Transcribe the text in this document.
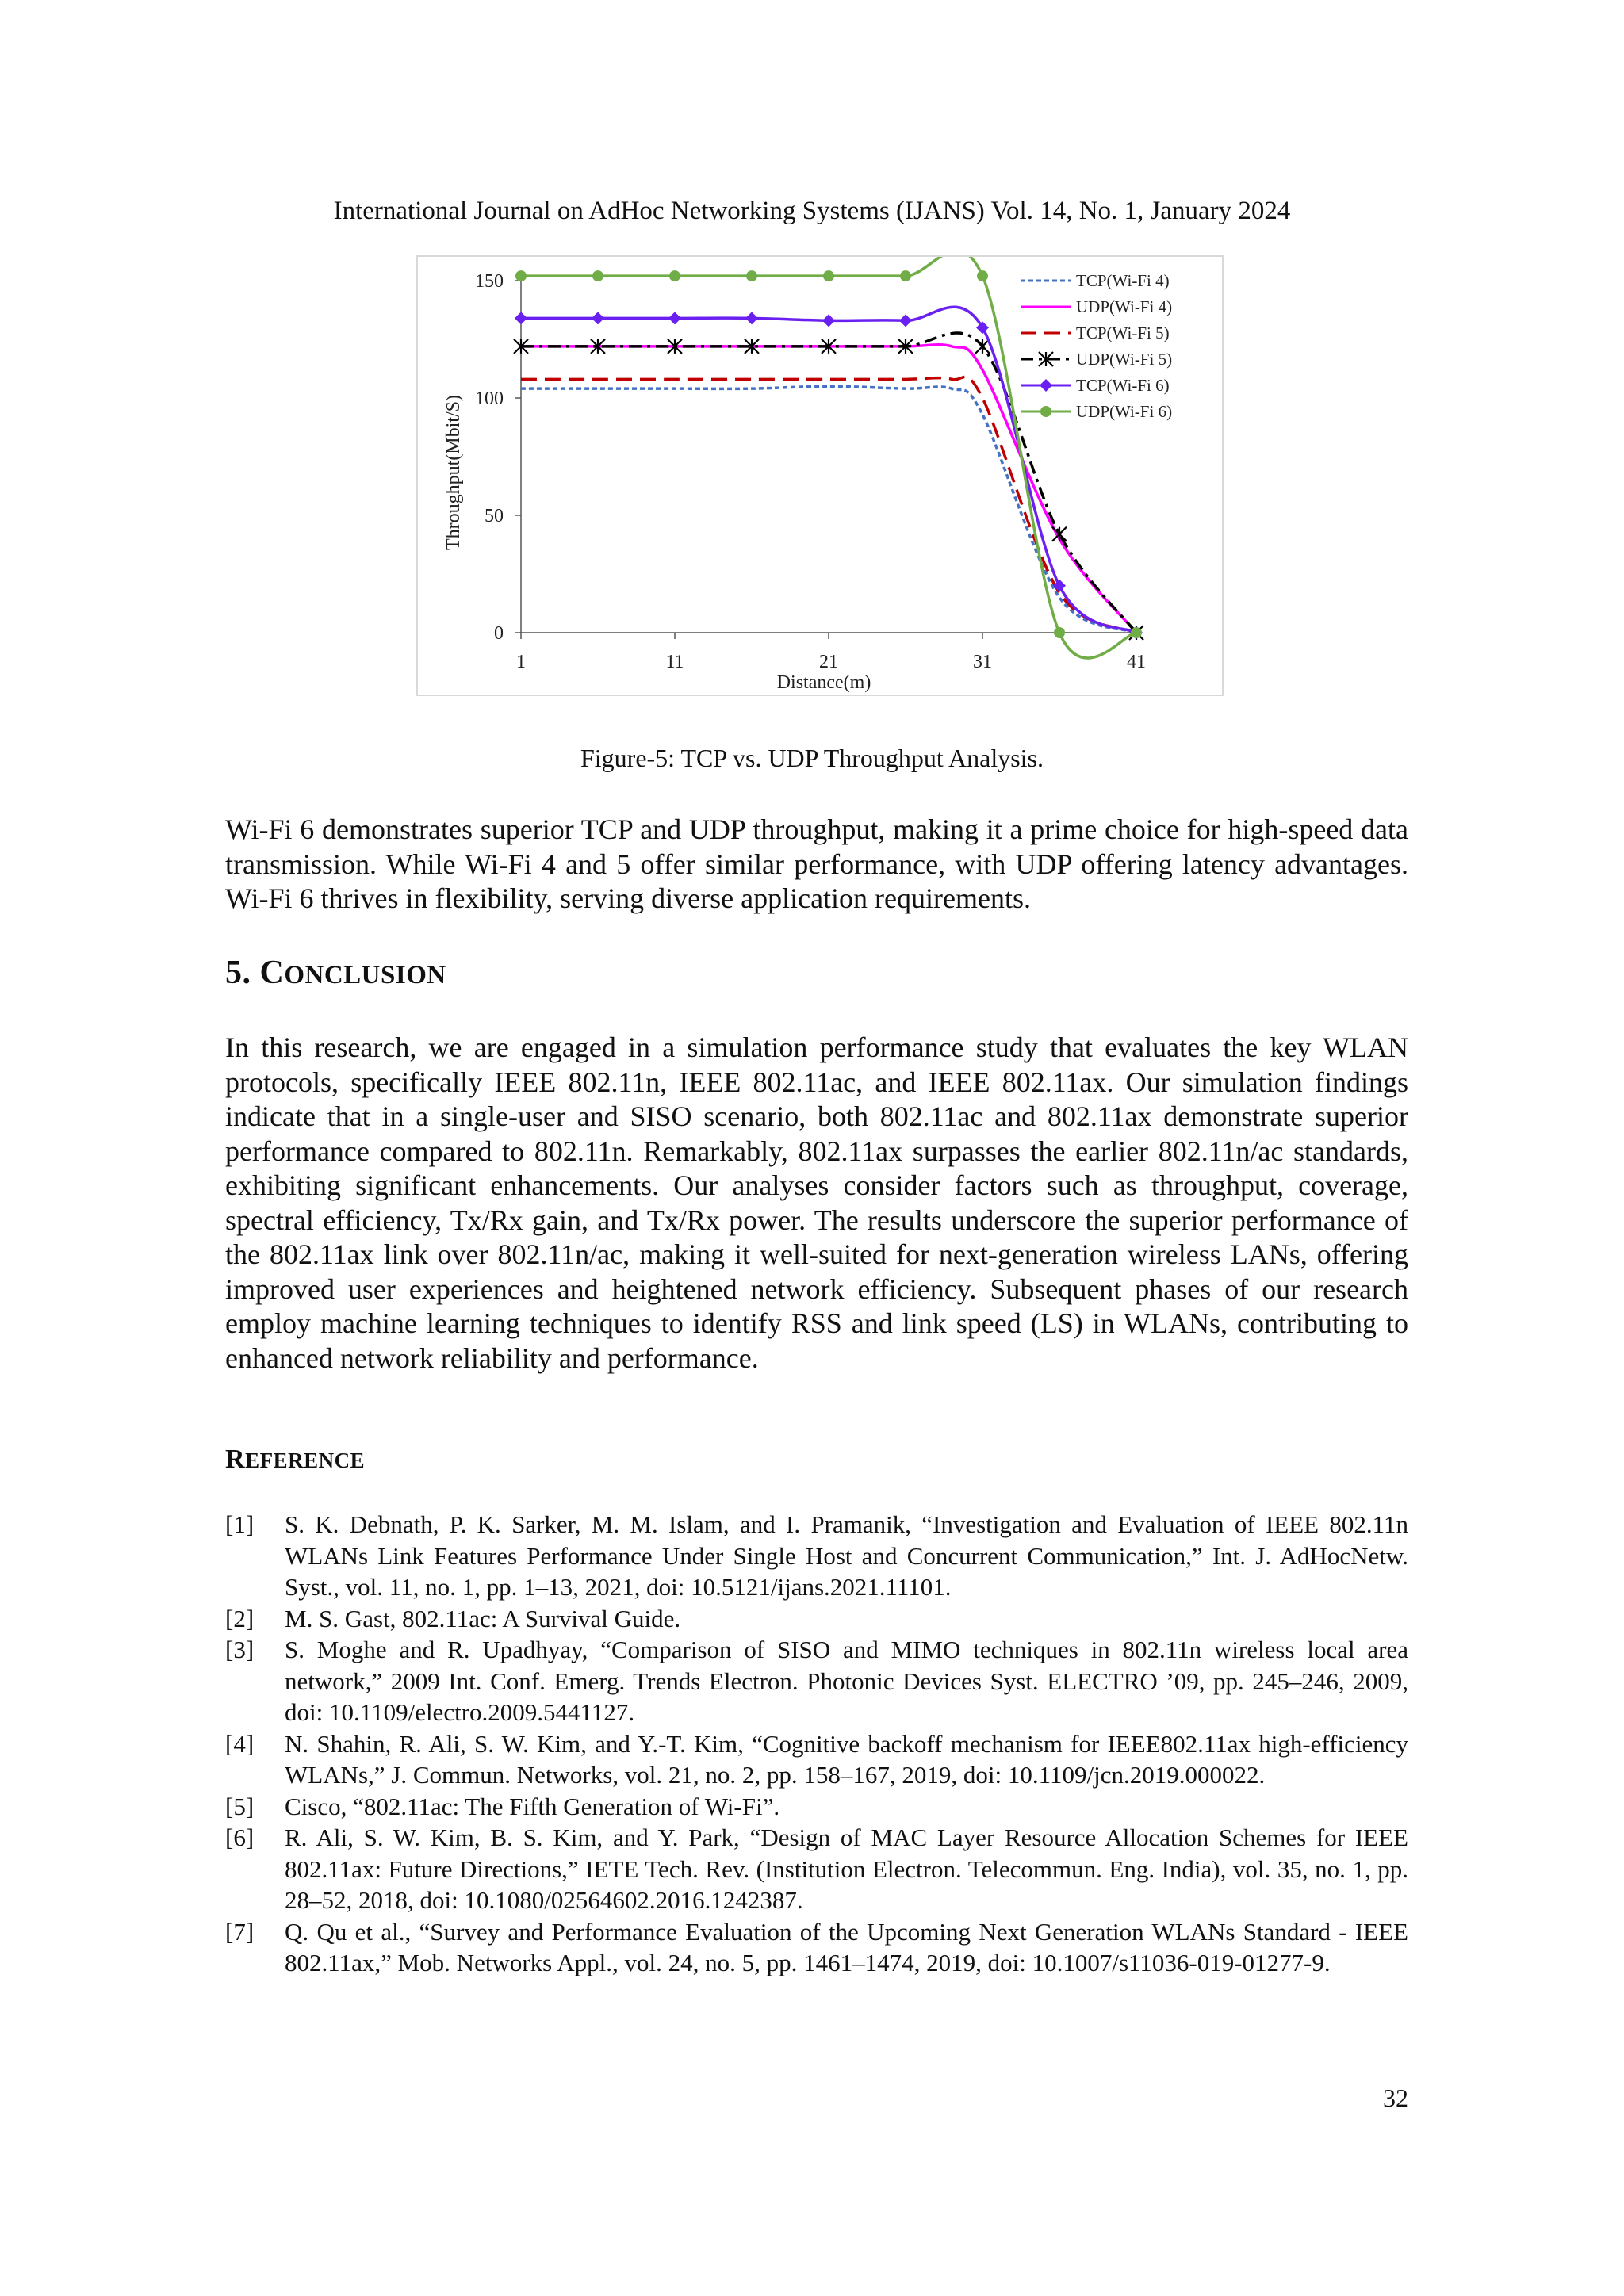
International Journal on AdHoc Networking Systems (IJANS) Vol. 14, No. 1, January 2024
0
50
100
150
1	11	21	31	41
Distance(m)
Throughput(Mbit/S)
TCP(Wi-Fi 4)
UDP(Wi-Fi 4)
TCP(Wi-Fi 5)
UDP(Wi-Fi 5)
TCP(Wi-Fi 6)
UDP(Wi-Fi 6)
Figure-5: TCP vs. UDP Throughput Analysis.

Wi-Fi 6 demonstrates superior TCP and UDP throughput, making it a prime choice for high-speed data transmission. While Wi-Fi 4 and 5 offer similar performance, with UDP offering latency advantages. Wi-Fi 6 thrives in flexibility, serving diverse application requirements.

5. CONCLUSION

In this research, we are engaged in a simulation performance study that evaluates the key WLAN protocols, specifically IEEE 802.11n, IEEE 802.11ac, and IEEE 802.11ax. Our simulation findings indicate that in a single-user and SISO scenario, both 802.11ac and 802.11ax demonstrate superior performance compared to 802.11n. Remarkably, 802.11ax surpasses the earlier 802.11n/ac standards, exhibiting significant enhancements. Our analyses consider factors such as throughput, coverage, spectral efficiency, Tx/Rx gain, and Tx/Rx power. The results underscore the superior performance of the 802.11ax link over 802.11n/ac, making it well-suited for next-generation wireless LANs, offering improved user experiences and heightened network efficiency. Subsequent phases of our research employ machine learning techniques to identify RSS and link speed (LS) in WLANs, contributing to enhanced network reliability and performance.

REFERENCE
[1]	S. K. Debnath, P. K. Sarker, M. M. Islam, and I. Pramanik, “Investigation and Evaluation of IEEE 802.11n WLANs Link Features Performance Under Single Host and Concurrent Communication,” Int. J. AdHocNetw. Syst., vol. 11, no. 1, pp. 1–13, 2021, doi: 10.5121/ijans.2021.11101.
[2]	M. S. Gast, 802.11ac: A Survival Guide.
[3]	S. Moghe and R. Upadhyay, “Comparison of SISO and MIMO techniques in 802.11n wireless local area network,” 2009 Int. Conf. Emerg. Trends Electron. Photonic Devices Syst. ELECTRO ’09, pp. 245–246, 2009, doi: 10.1109/electro.2009.5441127.
[4]	N. Shahin, R. Ali, S. W. Kim, and Y.-T. Kim, “Cognitive backoff mechanism for IEEE802.11ax high-efficiency WLANs,” J. Commun. Networks, vol. 21, no. 2, pp. 158–167, 2019, doi: 10.1109/jcn.2019.000022.
[5]	Cisco, “802.11ac: The Fifth Generation of Wi-Fi”.
[6]	R. Ali, S. W. Kim, B. S. Kim, and Y. Park, “Design of MAC Layer Resource Allocation Schemes for IEEE 802.11ax: Future Directions,” IETE Tech. Rev. (Institution Electron. Telecommun. Eng. India), vol. 35, no. 1, pp. 28–52, 2018, doi: 10.1080/02564602.2016.1242387.
[7]	Q. Qu et al., “Survey and Performance Evaluation of the Upcoming Next Generation WLANs Standard - IEEE 802.11ax,” Mob. Networks Appl., vol. 24, no. 5, pp. 1461–1474, 2019, doi: 10.1007/s11036-019-01277-9.
32
